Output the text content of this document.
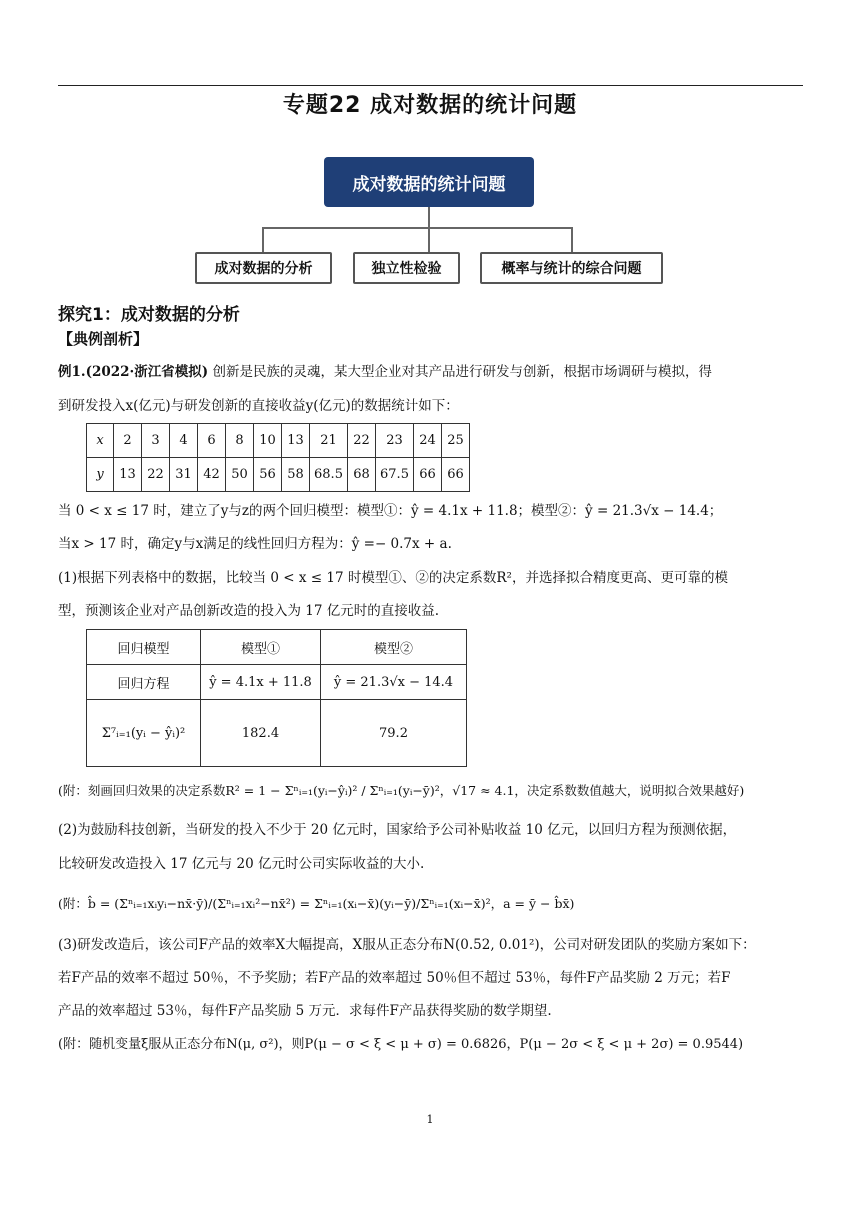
专题22 成对数据的统计问题
成对数据的统计问题
成对数据的分析	独立性检验	概率与统计的综合问题
探究1：成对数据的分析
【典例剖析】
例1.(2022·浙江省模拟) 创新是民族的灵魂，某大型企业对其产品进行研发与创新，根据市场调研与模拟，得
到研发投入x(亿元)与研发创新的直接收益y(亿元)的数据统计如下：
x	2	3	4	6	8	10	13	21	22	23	24	25
y	13	22	31	42	50	56	58	68.5	68	67.5	66	66
当 0 < x ≤ 17 时，建立了y与z的两个回归模型：模型①：ŷ = 4.1x + 11.8；模型②：ŷ = 21.3√x − 14.4；
当x > 17 时，确定y与x满足的线性回归方程为：ŷ =− 0.7x + a.
(1)根据下列表格中的数据，比较当 0 < x ≤ 17 时模型①、②的决定系数R²，并选择拟合精度更高、更可靠的模
型，预测该企业对产品创新改造的投入为 17 亿元时的直接收益.
回归模型	模型①	模型②
回归方程	ŷ = 4.1x + 11.8	ŷ = 21.3√x − 14.4
Σ⁷ᵢ₌₁(yᵢ − ŷᵢ)²	182.4	79.2
(附：刻画回归效果的决定系数R² = 1 − Σⁿᵢ₌₁(yᵢ−ŷᵢ)² / Σⁿᵢ₌₁(yᵢ−ȳ)²，√17 ≈ 4.1，决定系数数值越大，说明拟合效果越好)
(2)为鼓励科技创新，当研发的投入不少于 20 亿元时，国家给予公司补贴收益 10 亿元，以回归方程为预测依据，
比较研发改造投入 17 亿元与 20 亿元时公司实际收益的大小.
(附：b̂ = (Σⁿᵢ₌₁xᵢyᵢ−nx̄·ȳ)/(Σⁿᵢ₌₁xᵢ²−nx̄²) = Σⁿᵢ₌₁(xᵢ−x̄)(yᵢ−ȳ)/Σⁿᵢ₌₁(xᵢ−x̄)²，a = ȳ − b̂x̄)
(3)研发改造后，该公司F产品的效率X大幅提高，X服从正态分布N(0.52, 0.01²)，公司对研发团队的奖励方案如下：
若F产品的效率不超过 50％，不予奖励；若F产品的效率超过 50％但不超过 53％，每件F产品奖励 2 万元；若F
产品的效率超过 53％，每件F产品奖励 5 万元．求每件F产品获得奖励的数学期望.
(附：随机变量ξ服从正态分布N(μ, σ²)，则P(μ − σ < ξ < μ + σ) = 0.6826，P(μ − 2σ < ξ < μ + 2σ) = 0.9544)
1
